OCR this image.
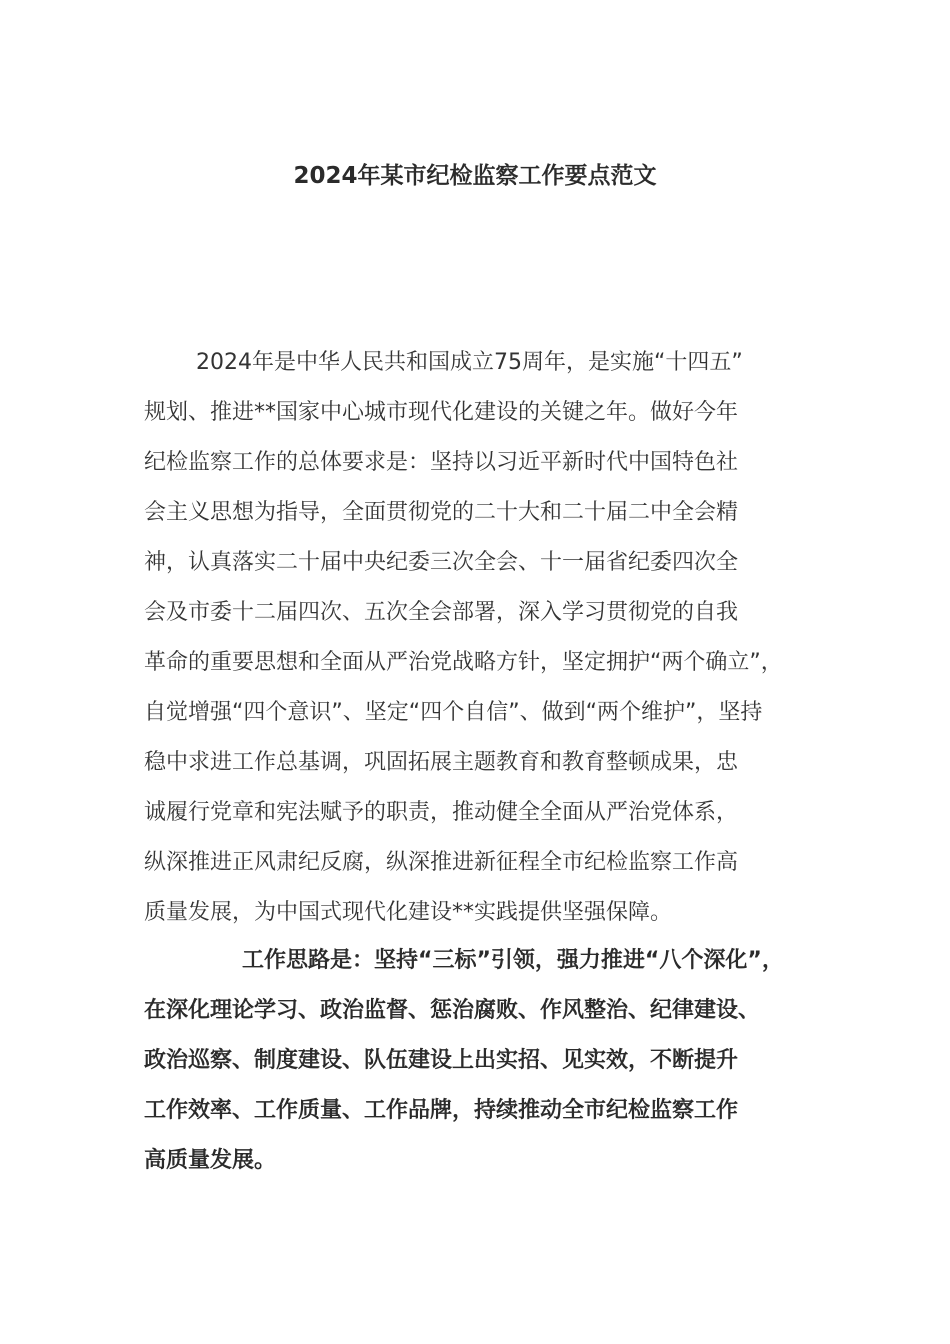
2024年某市纪检监察工作要点范文

2024年是中华人民共和国成立75周年，是实施“十四五”
规划、推进**国家中心城市现代化建设的关键之年。做好今年
纪检监察工作的总体要求是：坚持以习近平新时代中国特色社
会主义思想为指导，全面贯彻党的二十大和二十届二中全会精
神，认真落实二十届中央纪委三次全会、十一届省纪委四次全
会及市委十二届四次、五次全会部署，深入学习贯彻党的自我
革命的重要思想和全面从严治党战略方针，坚定拥护“两个确立”，
自觉增强“四个意识”、坚定“四个自信”、做到“两个维护”，坚持
稳中求进工作总基调，巩固拓展主题教育和教育整顿成果，忠
诚履行党章和宪法赋予的职责，推动健全全面从严治党体系，
纵深推进正风肃纪反腐，纵深推进新征程全市纪检监察工作高
质量发展，为中国式现代化建设**实践提供坚强保障。

工作思路是：坚持“三标”引领，强力推进“八个深化”，
在深化理论学习、政治监督、惩治腐败、作风整治、纪律建设、
政治巡察、制度建设、队伍建设上出实招、见实效，不断提升
工作效率、工作质量、工作品牌，持续推动全市纪检监察工作
高质量发展。
